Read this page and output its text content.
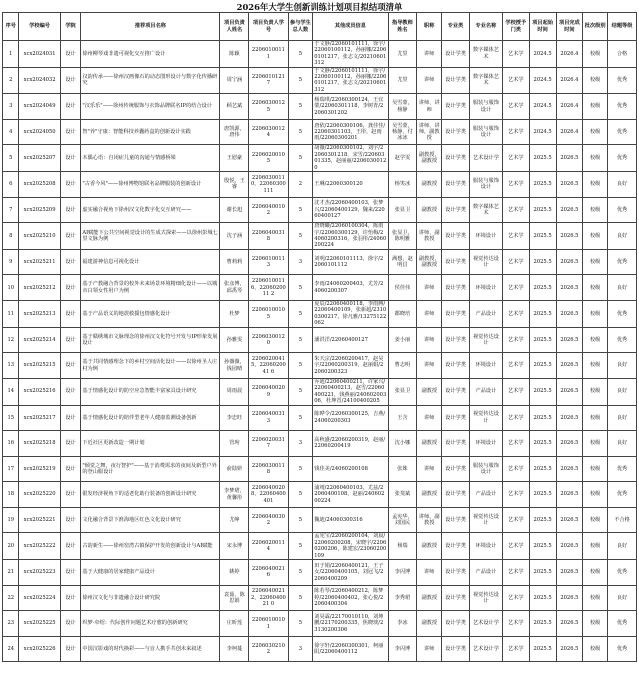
2026年大学生创新训练计划项目拟结项清单
序号	学校编号	学院	推荐项目名称	项目负责人姓名	项目负责人学号	参与学生总人数	其他成员信息	指导教师姓名	职称	专业类	专业名称	学校授予门类	项目起始时间	项目完成时间	批次级别	结题等级
1	xcx2024031	设计	徐州柳琴戏非遗可视化交互推广设计	陈颖	22060100111	5	于文静/22060101111，徐宇/22060100112，孙丽娜/22060101217，张志文/20210601312	尤里	讲师	设计学类	数字媒体艺术	艺术学	2024.5	2026.4	校级	合格
2	xcx2024032	设计	汉韵传承——徐州汉画像石的动态图形设计与数字化传播研究	周宁涵	22060101217	5	于文静/22060101111，徐宇/22060100112，孙丽娜/22060101217，张志文/20210601312	尤里	讲师	设计学类	数字媒体艺术	艺术学	2024.5	2026.4	校级	优秀
3	xcx2024049	设计	"汉乐乐"——徐州传统服饰与衣饰品牌联名IP的结合设计	顾艺斌	22060300125	5	杨瑞琪/22060300124，王宜蒙/22060301118，李树青/22060301202	吴雪蒙，杨静	讲师，讲师	设计学类	服装与服饰设计	艺术学	2024.5	2026.4	校级	优秀
4	xcx2024050	设计	智"养"守康：智能科技养囊药盒的创新设计实践	唐凯源，唐伟	22060300124	5	唐依/22060300106，龚佳佳/22060301103，王彤，赵雨雨/22060300201	吴雪蒙，杨静，付冰冰	讲师，讲师，副教授	设计学类	服装与服饰设计	艺术学	2024.5	2026.4	校级	优秀
5	xcx2025207	设计	木偶心语：自闭症儿童的沟通与情感桥梁	王慰豪	22060200105	5	胡薇/22060300102，刘宇/22060301218，宋雪/22060301335，赵丽丽/22060300120	赵学雯	副教授，副教授	设计学类	艺术设计学	艺术学	2025.5	2026.5	校级	优秀
6	xcx2025208	设计	"古香今风"——徐州博物馆联名品牌服装的创新设计	殷悦，王睿	22060300110，22060300111	2	王琳/22060300120	杨笑冰	副教授	设计学类	服装与服饰设计	艺术学	2025.5	2026.5	校级	良好
7	xcx2025209	设计	虚实融合视角下徐州汉文化数字化交互研究——	谢长旭	22060400102	5	沈才杰/22060400103，张梦兴/22060400129，魏来/22060400127	张显卫	副教授	设计学类	数字媒体艺术	艺术学	2025.5	2026.5	校级	优秀
8	xcx2025210	设计	AI赋能下公共空间视觉设计的生成式探索——以徐州彭城七里文脉为例	沈子涵	22060400318	5	唐晓曦/22060100304，陈雨宇/22060300129，许怡梅/24060200316，张羽彤/24060200224	张显卫，陈明雅	讲师，副教授	设计学类	环境设计	艺术学	2025.5	2026.5	校级	良好
9	xcx2025211	设计	福建游神信息可视化设计	曹莉莉	22060100113	3	刘明/22060101113，徐宇/22060101112	满想，赵明昌	副教授，副教授	设计学类	视觉传达设计	艺术学	2025.5	2026.5	校级	优秀
10	xcx2025212	设计	基于产教融合背景的校外未来场景环境精细化设计——以城市白领女性用户为例	张彦博，邱禹琴	22060100116，2206020011 2	5	李雨/24060200403，尤芳/24060200307	侯佳伟	讲师	设计学类	环境设计	艺术学	2025.5	2026.5	校级	良好
11	xcx2025213	设计	基于产品语义的地震救援包情感化设计	杜梦	22060100105	5	夏辰/22060400118，李雨膊/22060400109，张新超/23100300217，徐凡雅/13275122062	都晓培	讲师	设计学类	产品设计	艺术学	2025.5	2026.5	校级	优秀
12	xcx2025214	设计	基于赣绣城市文脉理念的徐州汉文化符号开发与IP形象发展设计	孙雅雯	22060300120	5	潘洪洋/22060400127	姜小丽	讲师	设计学类	视觉传达设计	艺术学	2025.5	2026.5	校级	优秀
13	xcx2025215	设计	基于共同情感理念下的乡村空间活化设计——以徐州圣人庄村为例	孙薇薇，钱园晴	22060200415，2206020041 6	5	朱天宗/22060200417，赵昊宇/22060200319，赵丽娟/22060200323	曹志明	讲师	设计学类	环境设计	艺术学	2025.5	2026.5	校级	良好
14	xcx2025216	设计	基于情感化设计的防空应急智能丰富家具设计研究	周雨晨	22060400209	5	乔迪/22060400211，许家兴/22060400213，赵雪/22060400221，钱燕丽/24060200306，杜坤晋/24100400205	张显卫	副教授	设计学类	产品设计	艺术学	2025.5	2026.5	校级	良好
15	xcx2025217	设计	基于情感化设计的陪伴型老年人健康监测设备创新	李忠旺	22060400313	5	陈晔令/22060300125，吉燕/24060200303	王含	讲师	设计学类	视觉传达设计	艺术学	2025.5	2026.5	校级	良好
16	xcx2025218	设计	下近社区更新改造一期计划	管珣	22060200317	3	高秋盛/22060200319，赵丽/22060200419	沈小娜	副教授	设计学类	环境设计	艺术学	2025.5	2026.5	校级	良好
17	xcx2025219	设计	"倾觉之舞，夜行智护"——基于消费需求的夜间及新型户外的登山服设计	俞陆妍	22060300118	5	钱佳美/24060200108	张姝	讲师	设计学类	服装与服饰设计	艺术学	2025.5	2026.5	校级	优秀
18	xcx2025220	设计	银发经济视角下的适老化助行装备的创新设计研究	李梦珺，黄馨彤	22060400208，22060400401	5	浦靖/22060400103，尤兹/22060400108，赵丽/24060200224	张斐斌	副教授	设计学类	产品设计	艺术学	2025.5	2026.5	校级	优秀
19	xcx2025221	设计	文化融合背景下淮海地区红色文化设计研究	尤峥	22060400302	5	魏迪/24060300316	孟宪华，刘国民	讲师，副教授	设计学类	视觉传达设计	艺术学	2025.5	2026.5	校级	不合格
20	xcx2025222	设计	古韵新生——徐州窑湾古镇保护开发的创新设计与AI赋能	宋永博	22060200114	5	孟宪宝/22060200104，刘晨/22060200208，宋晓宇/22060200206，陈建宏/23060200109	杨瑞	副教授	设计学类	环境设计	艺术学	2025.5	2026.5	校级	良好
21	xcx2025223	设计	基于大健康的居家健康产品设计	姚婷	22060400216	5	田于娟/22060400121，王子女/22060400105，刘冠飞/22060400209	李闪博	讲师	设计学类	产品设计	艺术学	2025.5	2026.5	校级	优秀
22	xcx2025224	设计	徐州汉文化与非遗融合设计研究院	袁茹，陈思娟	22060400212，2206040021 0	5	陈若琴/22060400212，陈梦婷/22060400402，张心悦/22060400304	李秀珺	副教授	设计学类	视觉传达设计	艺术学	2025.5	2026.5	校级	良好
23	xcx2025225	设计	织梦·牵绍：代际创作问题艺术疗愈的创新研究	庄昕莲	22060100101	5	刘昊霖/22170010110，刘坤鹏/22170200335，焦晓琰/23130200306	李冰	副教授	设计学类	艺术设计学	艺术学	2025.5	2026.5	校级	优秀
24	xcx2025226	设计	中国汉影戏的时代换彩——与盲人携手共创未来叙述	李柯蔓	22060302102	3	徐宇轩/22060300301，柯丽阳/22060400112	李闪博	讲师	设计学类	艺术设计学	艺术学	2025.5	2026.5	校级	优秀
